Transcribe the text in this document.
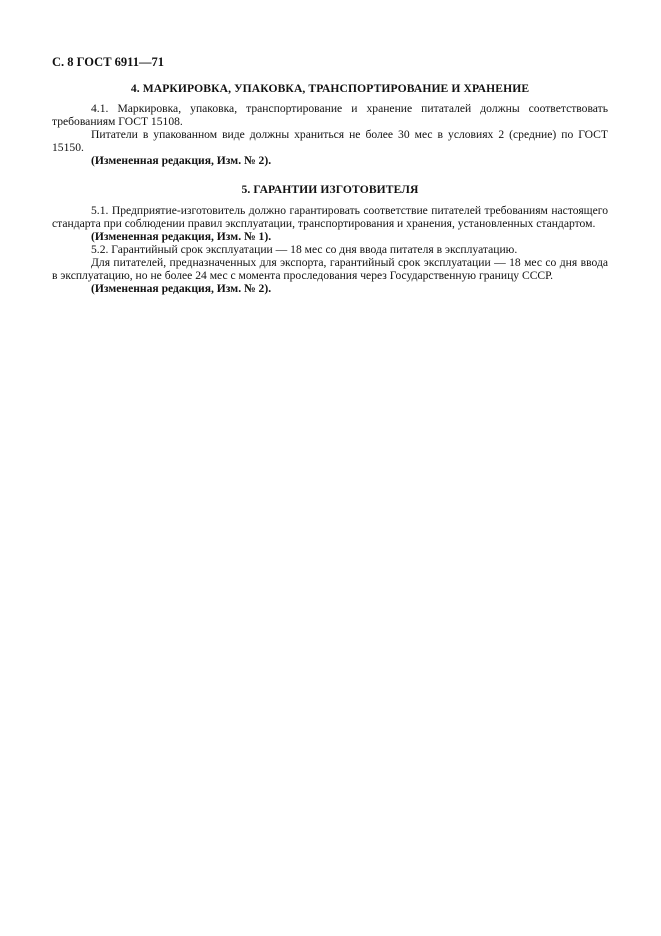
С. 8 ГОСТ 6911—71

4. МАРКИРОВКА, УПАКОВКА, ТРАНСПОРТИРОВАНИЕ И ХРАНЕНИЕ

4.1. Маркировка, упаковка, транспортирование и хранение питаталей должны соответствовать требованиям ГОСТ 15108.

Питатели в упакованном виде должны храниться не более 30 мес в условиях 2 (средние) по ГОСТ 15150.

(Измененная редакция, Изм. № 2).

5. ГАРАНТИИ ИЗГОТОВИТЕЛЯ

5.1. Предприятие-изготовитель должно гарантировать соответствие питателей требованиям настоящего стандарта при соблюдении правил эксплуатации, транспортирования и хранения, установленных стандартом.

(Измененная редакция, Изм. № 1).

5.2. Гарантийный срок эксплуатации — 18 мес со дня ввода питателя в эксплуатацию.

Для питателей, предназначенных для экспорта, гарантийный срок эксплуатации — 18 мес со дня ввода в эксплуатацию, но не более 24 мес с момента проследования через Государственную границу СССР.

(Измененная редакция, Изм. № 2).
